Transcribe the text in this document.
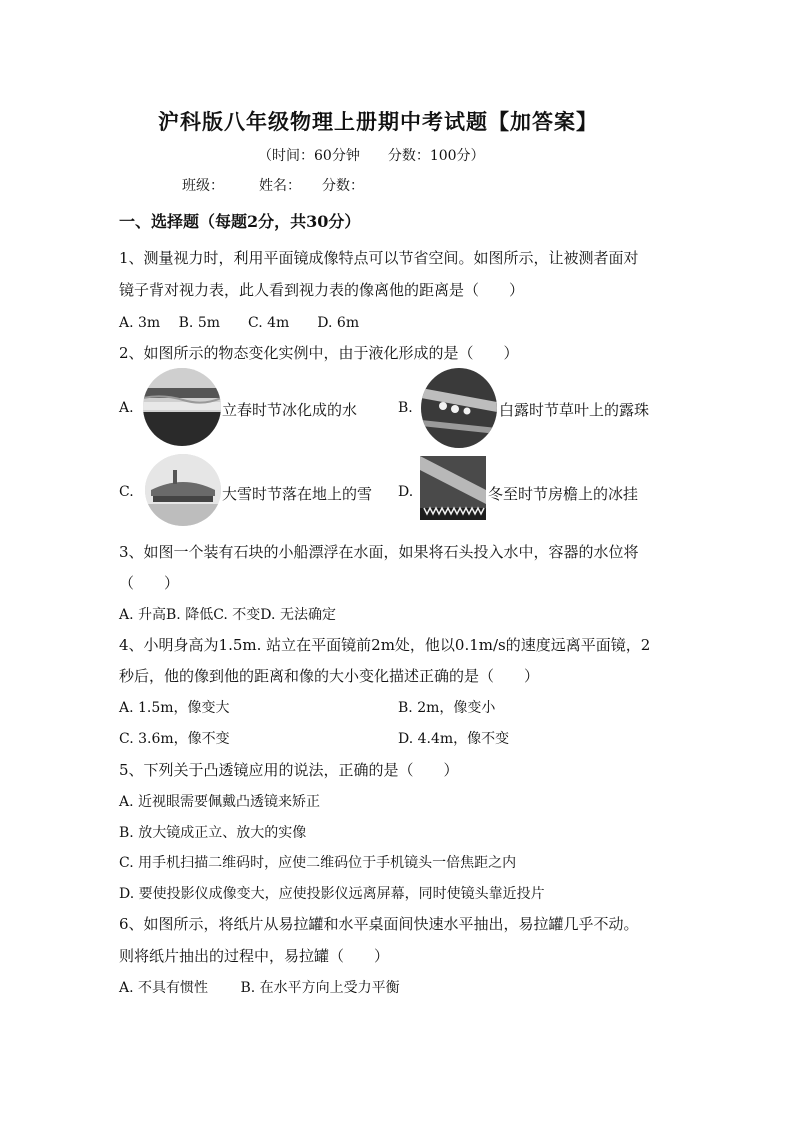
沪科版八年级物理上册期中考试题【加答案】
（时间：60分钟　　分数：100分）
班级：　　　姓名：　　分数：
一、选择题（每题2分，共30分）
1、测量视力时，利用平面镜成像特点可以节省空间。如图所示，让被测者面对
镜子背对视力表，此人看到视力表的像离他的距离是（　　）
A. 3m　 B. 5m　　C. 4m　　D. 6m
2、如图所示的物态变化实例中，由于液化形成的是（　　）
A.	立春时节冰化成的水	B.	白露时节草叶上的露珠
C.	大雪时节落在地上的雪 D.	冬至时节房檐上的冰挂
3、如图一个装有石块的小船漂浮在水面，如果将石头投入水中，容器的水位将
（　　）
A. 升高B. 降低C. 不变D. 无法确定
4、小明身高为1.5m. 站立在平面镜前2m处，他以0.1m/s的速度远离平面镜，2
秒后，他的像到他的距离和像的大小变化描述正确的是（　　）
A. 1.5m，像变大	B. 2m，像变小
C. 3.6m，像不变	D. 4.4m，像不变
5、下列关于凸透镜应用的说法，正确的是（　　）
A. 近视眼需要佩戴凸透镜来矫正
B. 放大镜成正立、放大的实像
C. 用手机扫描二维码时，应使二维码位于手机镜头一倍焦距之内
D. 要使投影仪成像变大，应使投影仪远离屏幕，同时使镜头靠近投片
6、如图所示，将纸片从易拉罐和水平桌面间快速水平抽出，易拉罐几乎不动。
则将纸片抽出的过程中，易拉罐（　　）
A. 不具有惯性　　 B. 在水平方向上受力平衡
